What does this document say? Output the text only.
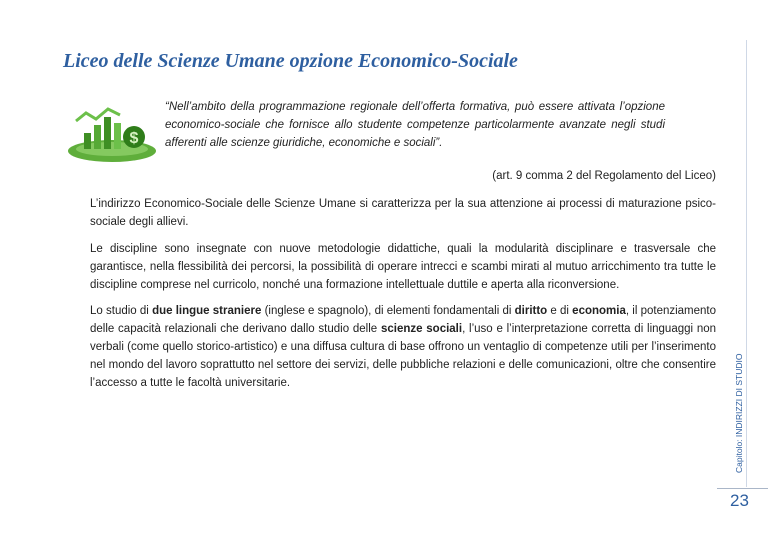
Liceo delle Scienze Umane opzione Economico-Sociale
$
“Nell’ambito della programmazione regionale dell’offerta formativa, può essere attivata l’opzione economico-sociale che fornisce allo studente competenze particolarmente avanzate negli studi afferenti alle scienze giuridiche, economiche e sociali”.
(art. 9 comma 2 del Regolamento del Liceo)
L’indirizzo Economico-Sociale delle Scienze Umane si caratterizza per la sua attenzione ai processi di maturazione psico-sociale degli allievi.
Le discipline sono insegnate con nuove metodologie didattiche, quali la modularità disciplinare e trasversale che garantisce, nella flessibilità dei percorsi, la possibilità di operare intrecci e scambi mirati al mutuo arricchimento tra tutte le discipline comprese nel curricolo, nonché una formazione intellettuale duttile e aperta alla riconversione.
Lo studio di due lingue straniere (inglese e spagnolo), di elementi fondamentali di diritto e di economia, il potenziamento delle capacità relazionali che derivano dallo studio delle scienze sociali, l’uso e l’interpretazione corretta di linguaggi non verbali (come quello storico-artistico) e una diffusa cultura di base offrono un ventaglio di competenze utili per l’inserimento nel mondo del lavoro soprattutto nel settore dei servizi, delle pubbliche relazioni e delle comunicazioni, oltre che consentire l’accesso a tutte le facoltà universitarie.
Capitolo: INDIRIZZI DI STUDIO
23
